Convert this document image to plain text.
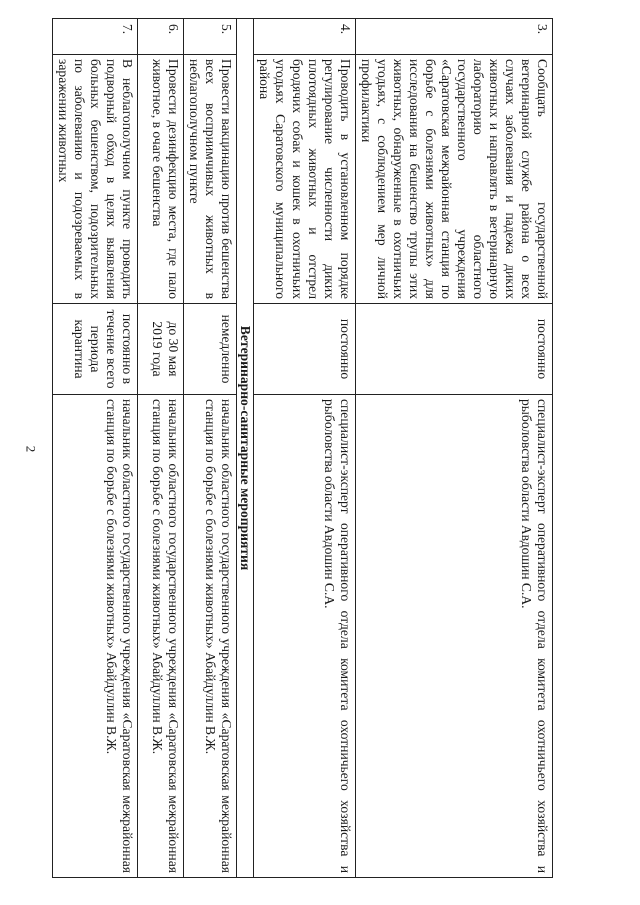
2
3.	Сообщать государственной ветеринарной службе района о всех случаях заболевания и падежа диких животных и направлять в ветеринарную лабораторию областного государственного учреждения «Саратовская межрайонная станция по борьбе с болезнями животных» для исследования на бешенство трупы этих животных, обнаруженные в охотничьих угодьях, с соблюдением мер личной профилактики	постоянно	специалист-эксперт оперативного отдела комитета охотничьего хозяйства и рыболовства области Авдошин С.А.
4.	Проводить в установленном порядке регулирование численности диких плотоядных животных и отстрел бродячих собак и кошек в охотничьих угодьях Саратовского муниципального района	постоянно	специалист-эксперт оперативного отдела комитета охотничьего хозяйства и рыболовства области Авдошин С.А.
Ветеринарно-санитарные мероприятия			
5.	Провести вакцинацию против бешенства всех восприимчивых животных в неблагополучном пункте	немедленно	начальник областного государственного учреждения «Саратовская межрайонная станция по борьбе с болезнями животных» Абайдуллин В.Ж.
6.	Провести дезинфекцию места, где пало животное, в очаге бешенства	до 30 мая 2019 года	начальник областного государственного учреждения «Саратовская межрайонная станция по борьбе с болезнями животных» Абайдуллин В.Ж.
7.	В неблагополучном пункте проводить подворный обход в целях выявления больных бешенством, подозрительных по заболеванию и подозреваемых в заражении животных	постоянно в течение всего периода карантина	начальник областного государственного учреждения «Саратовская межрайонная станция по борьбе с болезнями животных» Абайдуллин В.Ж.
